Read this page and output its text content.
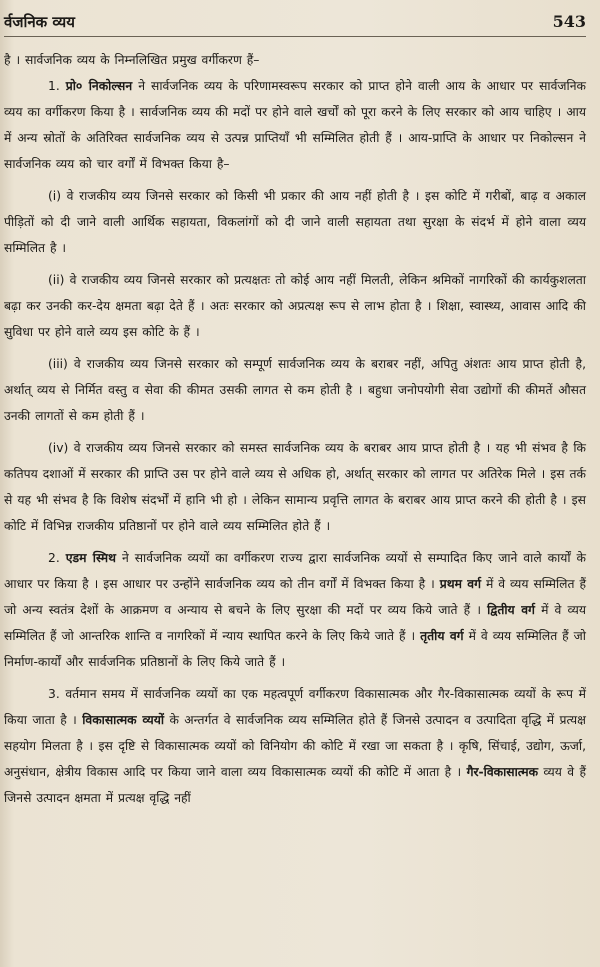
र्वजनिक व्यय	543

है । सार्वजनिक व्यय के निम्नलिखित प्रमुख वर्गीकरण हैं–

1. प्रो० निकोल्सन ने सार्वजनिक व्यय के परिणामस्वरूप सरकार को प्राप्त होने वाली आय के आधार पर सार्वजनिक व्यय का वर्गीकरण किया है । सार्वजनिक व्यय की मदों पर होने वाले खर्चों को पूरा करने के लिए सरकार को आय चाहिए । आय में अन्य स्रोतों के अतिरिक्त सार्वजनिक व्यय से उत्पन्न प्राप्तियाँ भी सम्मिलित होती हैं । आय-प्राप्ति के आधार पर निकोल्सन ने सार्वजनिक व्यय को चार वर्गों में विभक्त किया है–

(i) वे राजकीय व्यय जिनसे सरकार को किसी भी प्रकार की आय नहीं होती है । इस कोटि में गरीबों, बाढ़ व अकाल पीड़ितों को दी जाने वाली आर्थिक सहायता, विकलांगों को दी जाने वाली सहायता तथा सुरक्षा के संदर्भ में होने वाला व्यय सम्मिलित है ।

(ii) वे राजकीय व्यय जिनसे सरकार को प्रत्यक्षतः तो कोई आय नहीं मिलती, लेकिन श्रमिकों नागरिकों की कार्यकुशलता बढ़ा कर उनकी कर-देय क्षमता बढ़ा देते हैं । अतः सरकार को अप्रत्यक्ष रूप से लाभ होता है । शिक्षा, स्वास्थ्य, आवास आदि की सुविधा पर होने वाले व्यय इस कोटि के हैं ।

(iii) वे राजकीय व्यय जिनसे सरकार को सम्पूर्ण सार्वजनिक व्यय के बराबर नहीं, अपितु अंशतः आय प्राप्त होती है, अर्थात् व्यय से निर्मित वस्तु व सेवा की कीमत उसकी लागत से कम होती है । बहुधा जनोपयोगी सेवा उद्योगों की कीमतें औसत उनकी लागतों से कम होती हैं ।

(iv) वे राजकीय व्यय जिनसे सरकार को समस्त सार्वजनिक व्यय के बराबर आय प्राप्त होती है । यह भी संभव है कि कतिपय दशाओं में सरकार की प्राप्ति उस पर होने वाले व्यय से अधिक हो, अर्थात् सरकार को लागत पर अतिरेक मिले । इस तर्क से यह भी संभव है कि विशेष संदर्भों में हानि भी हो । लेकिन सामान्य प्रवृत्ति लागत के बराबर आय प्राप्त करने की होती है । इस कोटि में विभिन्न राजकीय प्रतिष्ठानों पर होने वाले व्यय सम्मिलित होते हैं ।

2. एडम स्मिथ ने सार्वजनिक व्ययों का वर्गीकरण राज्य द्वारा सार्वजनिक व्ययों से सम्पादित किए जाने वाले कार्यों के आधार पर किया है । इस आधार पर उन्होंने सार्वजनिक व्यय को तीन वर्गों में विभक्त किया है । प्रथम वर्ग में वे व्यय सम्मिलित हैं जो अन्य स्वतंत्र देशों के आक्रमण व अन्याय से बचने के लिए सुरक्षा की मदों पर व्यय किये जाते हैं । द्वितीय वर्ग में वे व्यय सम्मिलित हैं जो आन्तरिक शान्ति व नागरिकों में न्याय स्थापित करने के लिए किये जाते हैं । तृतीय वर्ग में वे व्यय सम्मिलित हैं जो निर्माण-कार्यों और सार्वजनिक प्रतिष्ठानों के लिए किये जाते हैं ।

3. वर्तमान समय में सार्वजनिक व्ययों का एक महत्वपूर्ण वर्गीकरण विकासात्मक और गैर-विकासात्मक व्ययों के रूप में किया जाता है । विकासात्मक व्ययों के अन्तर्गत वे सार्वजनिक व्यय सम्मिलित होते हैं जिनसे उत्पादन व उत्पादिता वृद्धि में प्रत्यक्ष सहयोग मिलता है । इस दृष्टि से विकासात्मक व्ययों को विनियोग की कोटि में रखा जा सकता है । कृषि, सिंचाई, उद्योग, ऊर्जा, अनुसंधान, क्षेत्रीय विकास आदि पर किया जाने वाला व्यय विकासात्मक व्ययों की कोटि में आता है । गैर-विकासात्मक व्यय वे हैं जिनसे उत्पादन क्षमता में प्रत्यक्ष वृद्धि नहीं
